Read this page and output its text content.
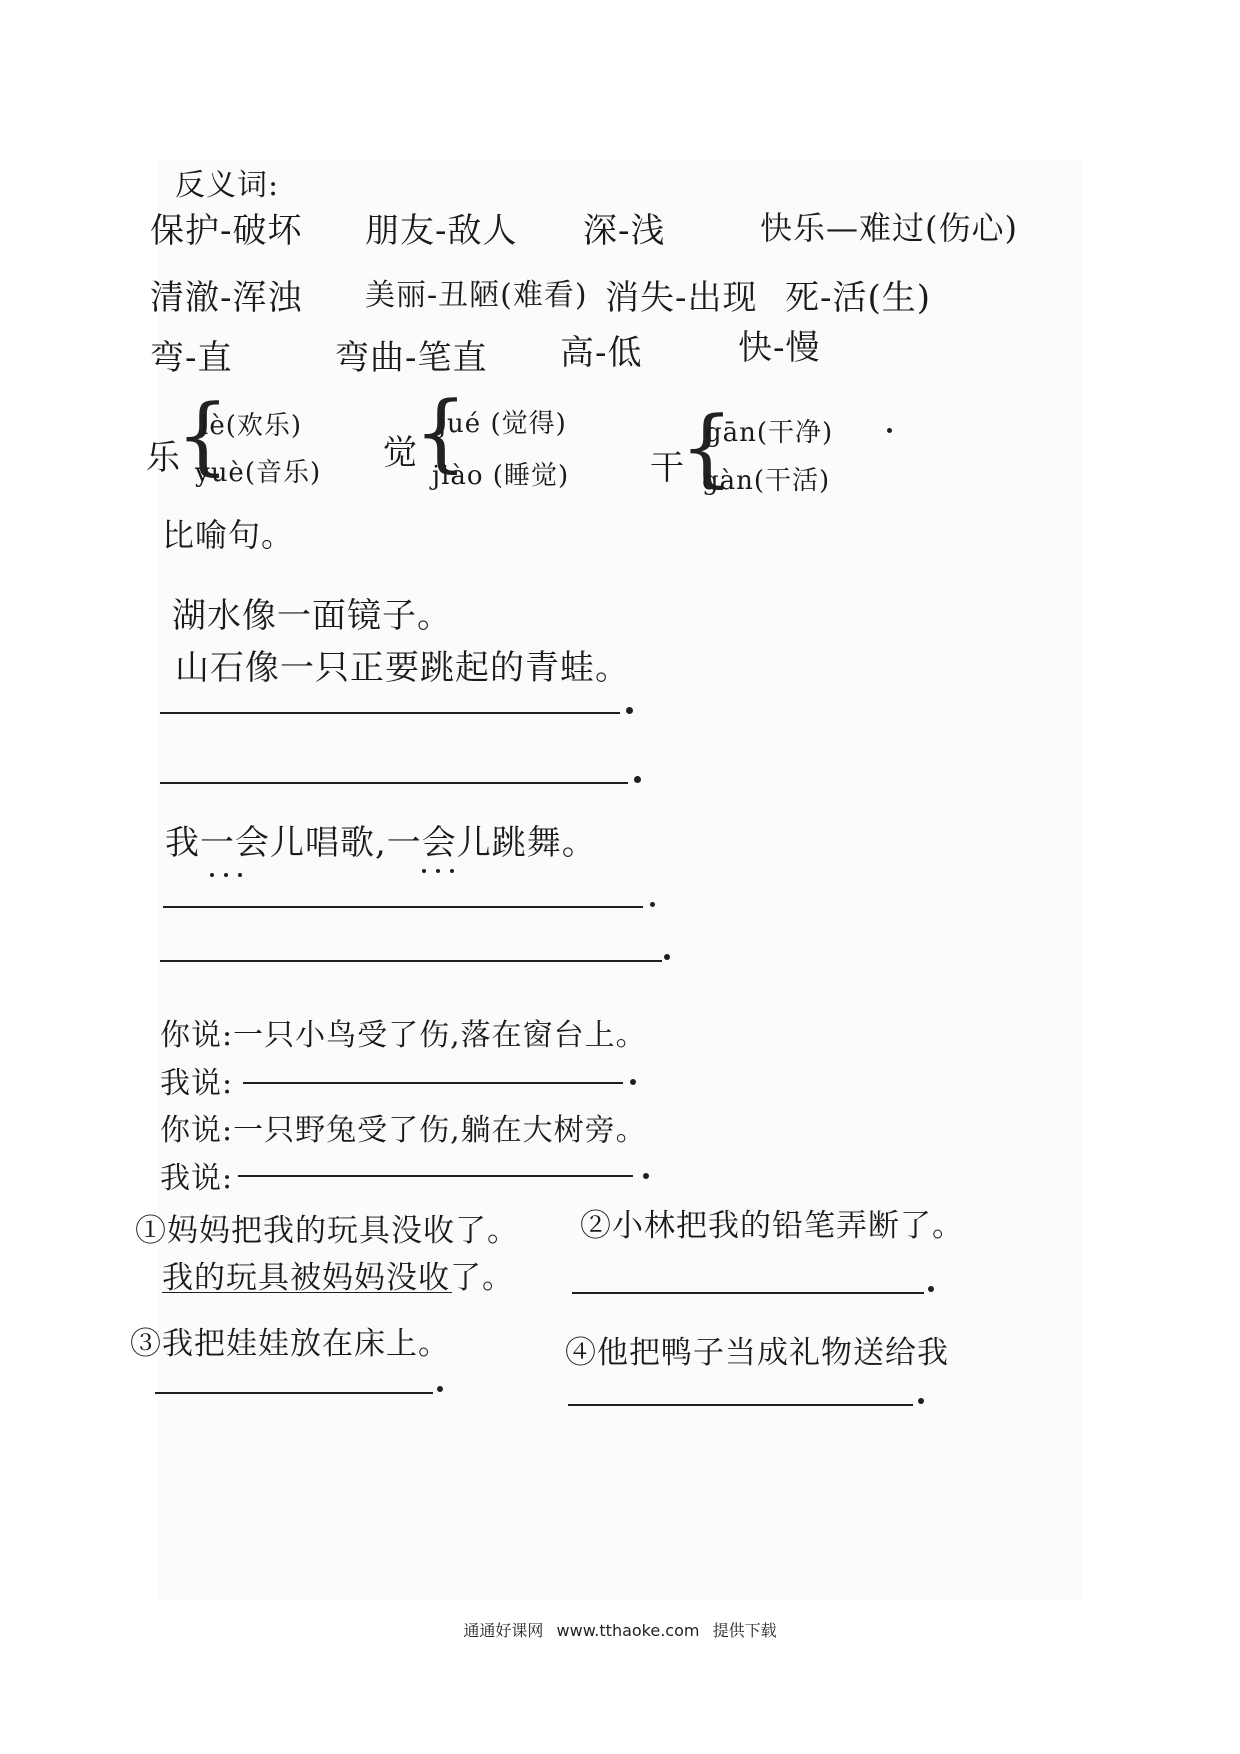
反义词:
保护-破坏 朋友-敌人 深-浅	快乐—难过(伤心)
清澈-浑浊 美丽-丑陋(难看) 消失-出现 死-活(生)
弯-直	弯曲-笔直 高-低	快-慢
乐
{
lè(欢乐)
yuè(音乐) 觉
{
jué (觉得)
jiào (睡觉) 干
{
gān(干净)
gàn(干活)
比喻句。
湖水像一面镜子。
山石像一只正要跳起的青蛙。
我一会儿唱歌,一会儿跳舞。
你说:一只小鸟受了伤,落在窗台上。
我说:
你说:一只野兔受了伤,躺在大树旁。
我说:
①妈妈把我的玩具没收了。
我的玩具被妈妈没收了。
②小林把我的铅笔弄断了。
③我把娃娃放在床上。	④他把鸭子当成礼物送给我
通通好课网 www.tthaoke.com 提供下载
